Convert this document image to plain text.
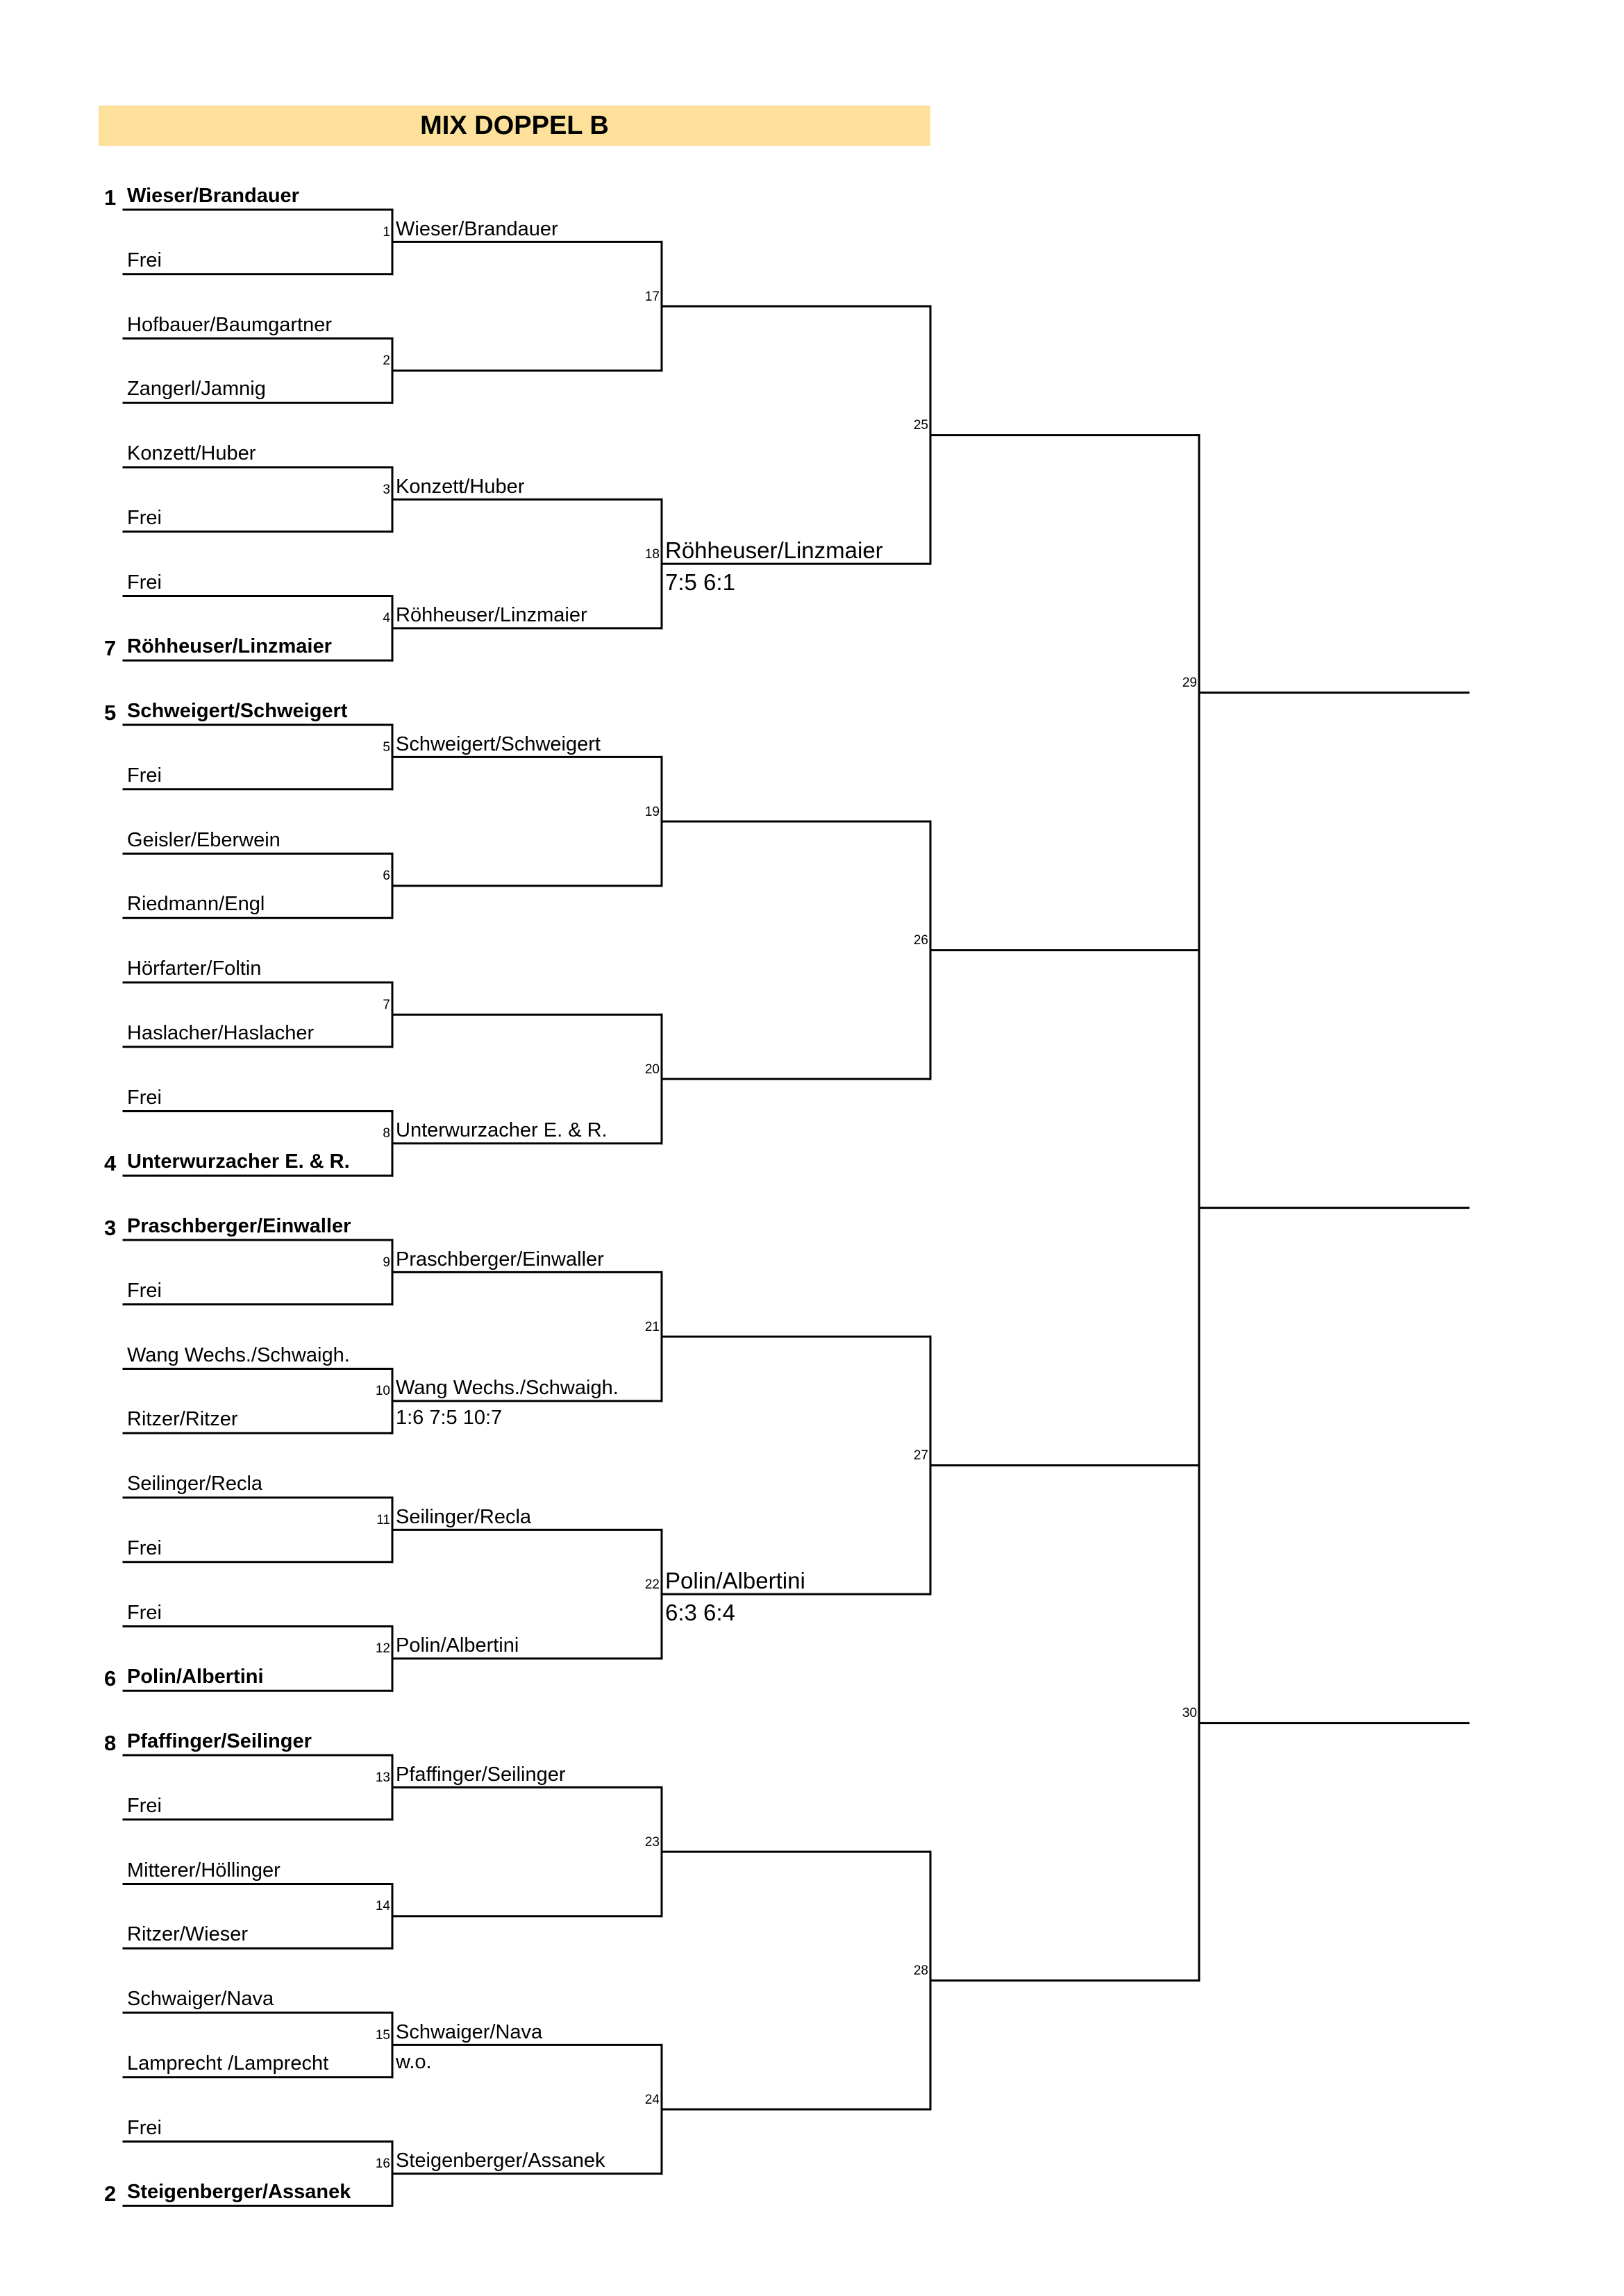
MIX DOPPEL B
1 Wieser/Brandauer
Frei
Hofbauer/Baumgartner
Zangerl/Jamnig
Konzett/Huber
Frei
Frei
7 Röhheuser/Linzmaier
5 Schweigert/Schweigert
Frei
Geisler/Eberwein
Riedmann/Engl
Hörfarter/Foltin
Haslacher/Haslacher
Frei
4 Unterwurzacher E. & R.
3 Praschberger/Einwaller
Frei
Wang Wechs./Schwaigh.
Ritzer/Ritzer
Seilinger/Recla
Frei
Frei
6 Polin/Albertini
8 Pfaffinger/Seilinger
Frei
Mitterer/Höllinger
Ritzer/Wieser
Schwaiger/Nava
Lamprecht /Lamprecht
Frei
2 Steigenberger/Assanek
1 Wieser/Brandauer
2
3 Konzett/Huber
4 Röhheuser/Linzmaier
5 Schweigert/Schweigert
6
7
8 Unterwurzacher E. & R.
9 Praschberger/Einwaller
10 Wang Wechs./Schwaigh.
1:6 7:5 10:7
11 Seilinger/Recla
12 Polin/Albertini
13 Pfaffinger/Seilinger
14
15 Schwaiger/Nava
w.o.
16 Steigenberger/Assanek
17
18 Röhheuser/Linzmaier
7:5 6:1
19
20
21
22 Polin/Albertini
6:3 6:4
23
24
25
26
27
28
29
30
